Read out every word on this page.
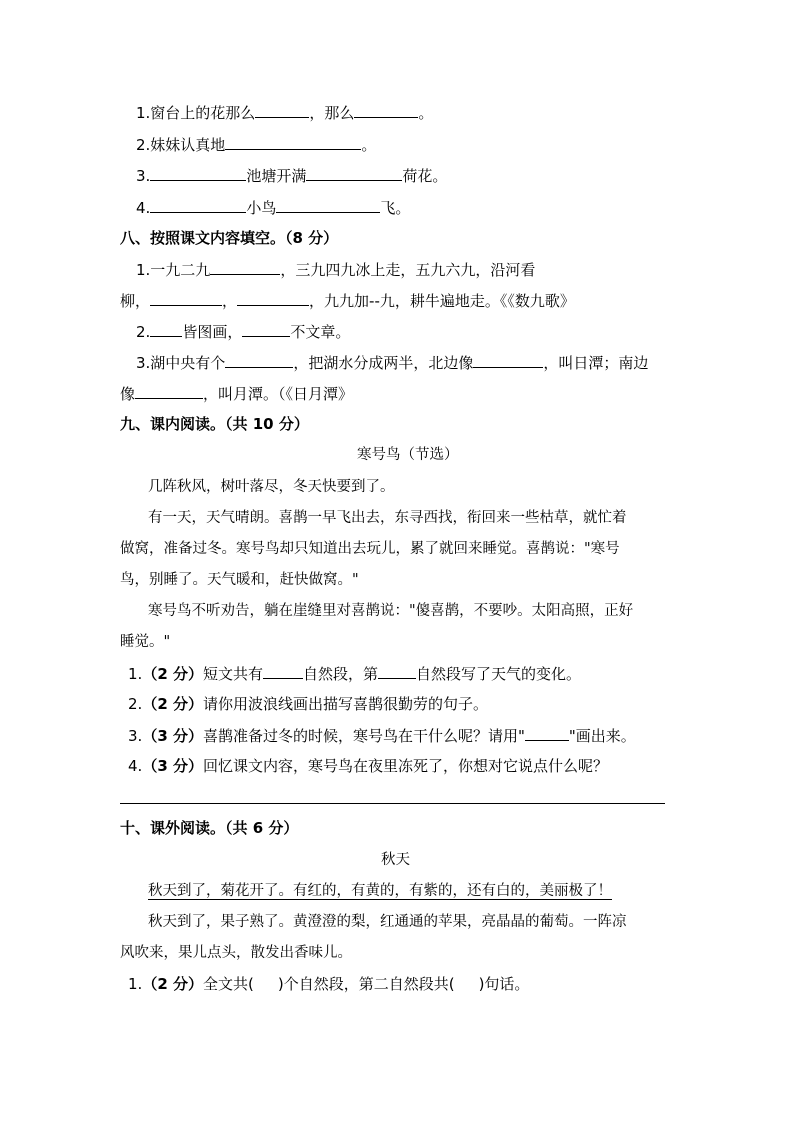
1.窗台上的花那么	，那么	。
2.妹妹认真地	。
3.	池塘开满	荷花。
4.	小鸟	飞。
八、按照课文内容填空。（8 分）
1.一九二九	，三九四九冰上走，五九六九，沿河看
柳，	，	，九九加--九，耕牛遍地走。《《数九歌》
2. 皆图画，	不文章。
3.湖中央有个	，把湖水分成两半，北边像	，叫日潭；南边
像	，叫月潭。（《日月潭》
九、课内阅读。（共 10 分）
寒号鸟（节选）
几阵秋风，树叶落尽，冬天快要到了。
有一天，天气晴朗。喜鹊一早飞出去，东寻西找，衔回来一些枯草，就忙着
做窝，准备过冬。寒号鸟却只知道出去玩儿，累了就回来睡觉。喜鹊说："寒号
鸟，别睡了。天气暖和，赶快做窝。"
寒号鸟不听劝告，躺在崖缝里对喜鹊说："傻喜鹊，不要吵。太阳高照，正好
睡觉。"
1.（2 分）短文共有	自然段，第	自然段写了天气的变化。
2.（2 分）请你用波浪线画出描写喜鹊很勤劳的句子。
3.（3 分）喜鹊准备过冬的时候，寒号鸟在干什么呢？请用"	"画出来。
4.（3 分）回忆课文内容，寒号鸟在夜里冻死了，你想对它说点什么呢？
十、课外阅读。（共 6 分）
秋天
秋天到了，菊花开了。有红的，有黄的，有紫的，还有白的，美丽极了！
秋天到了，果子熟了。黄澄澄的梨，红通通的苹果，亮晶晶的葡萄。一阵凉
风吹来，果儿点头，散发出香味儿。
1.（2 分）全文共( )个自然段，第二自然段共( )句话。
